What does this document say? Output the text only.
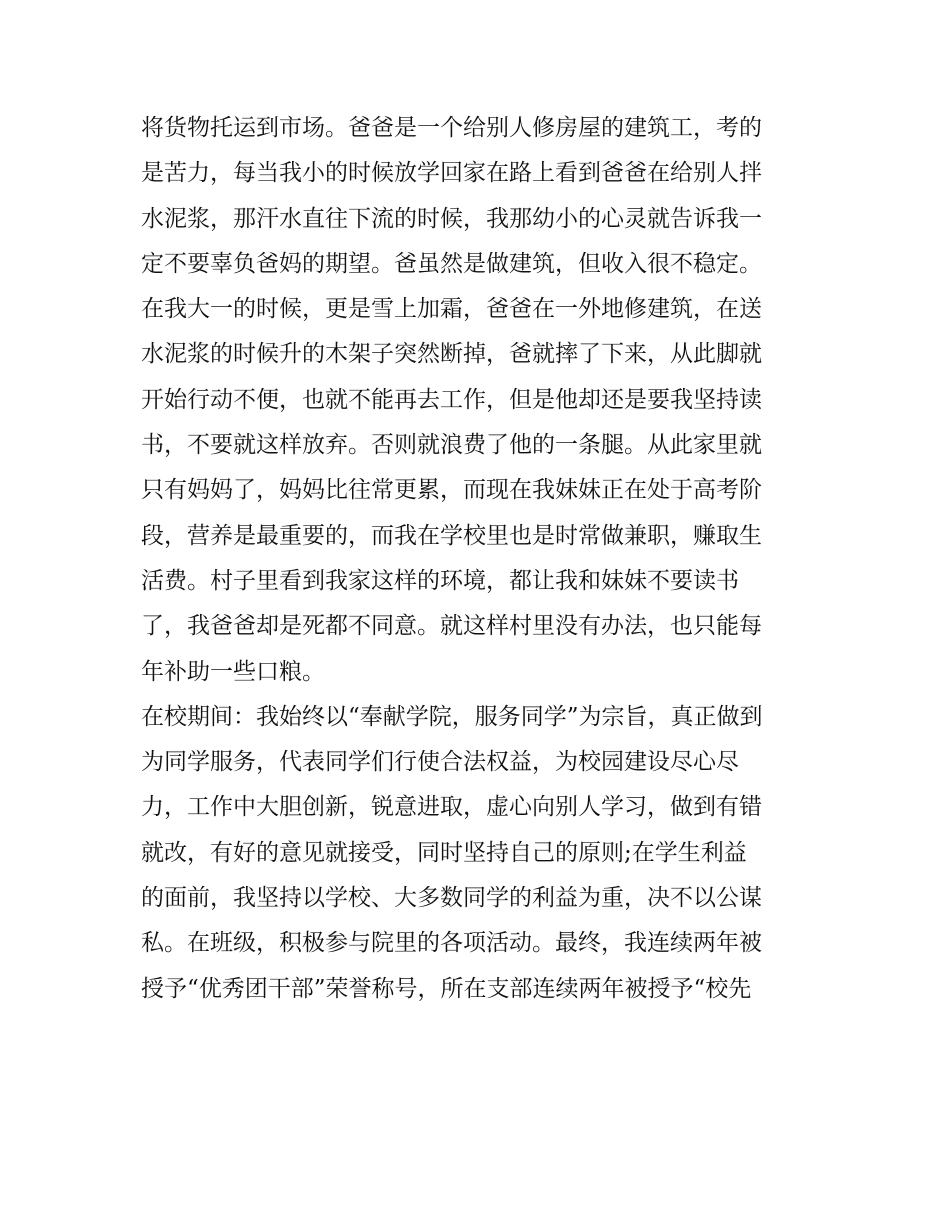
将货物托运到市场。爸爸是一个给别人修房屋的建筑工，考的
是苦力，每当我小的时候放学回家在路上看到爸爸在给别人拌
水泥浆，那汗水直往下流的时候，我那幼小的心灵就告诉我一
定不要辜负爸妈的期望。爸虽然是做建筑，但收入很不稳定。
在我大一的时候，更是雪上加霜，爸爸在一外地修建筑，在送
水泥浆的时候升的木架子突然断掉，爸就摔了下来，从此脚就
开始行动不便，也就不能再去工作，但是他却还是要我坚持读
书，不要就这样放弃。否则就浪费了他的一条腿。从此家里就
只有妈妈了，妈妈比往常更累，而现在我妹妹正在处于高考阶
段，营养是最重要的，而我在学校里也是时常做兼职，赚取生
活费。村子里看到我家这样的环境，都让我和妹妹不要读书
了，我爸爸却是死都不同意。就这样村里没有办法，也只能每
年补助一些口粮。
在校期间：我始终以“奉献学院，服务同学”为宗旨，真正做到
为同学服务，代表同学们行使合法权益，为校园建设尽心尽
力，工作中大胆创新，锐意进取，虚心向别人学习，做到有错
就改，有好的意见就接受，同时坚持自己的原则;在学生利益
的面前，我坚持以学校、大多数同学的利益为重，决不以公谋
私。在班级，积极参与院里的各项活动。最终，我连续两年被
授予“优秀团干部”荣誉称号，所在支部连续两年被授予“校先
